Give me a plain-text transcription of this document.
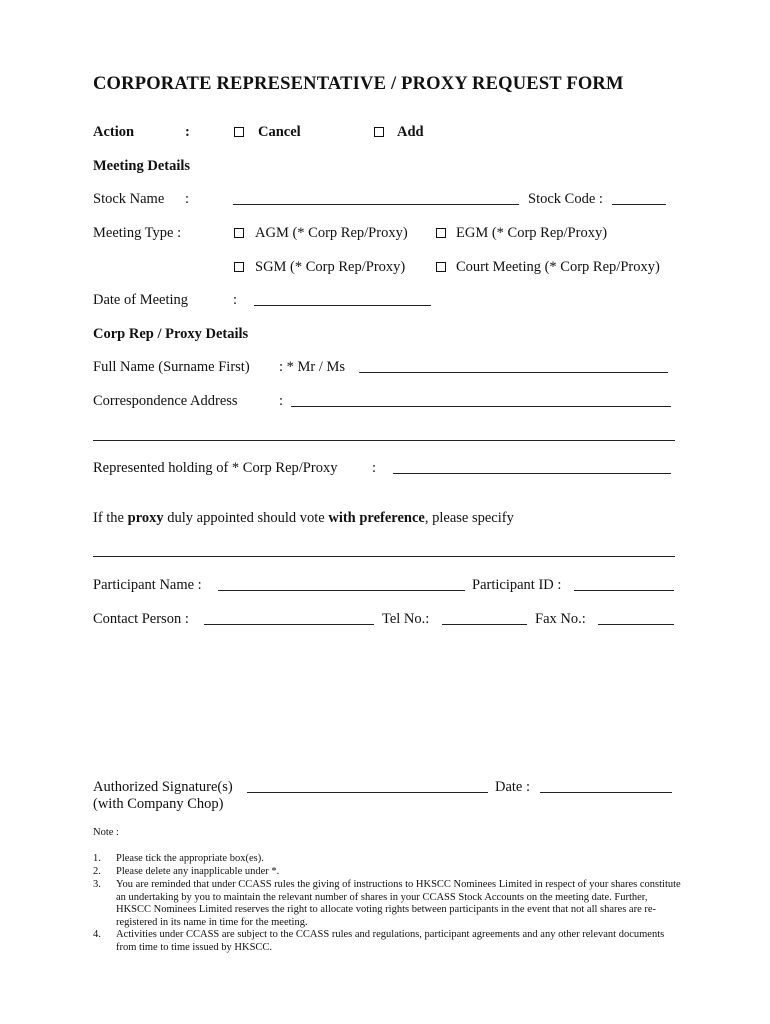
CORPORATE REPRESENTATIVE / PROXY REQUEST FORM
Action	:	Cancel	Add
Meeting Details
Stock Name :	Stock Code :
Meeting Type :	AGM (* Corp Rep/Proxy)	EGM (* Corp Rep/Proxy)
SGM (* Corp Rep/Proxy)	Court Meeting (* Corp Rep/Proxy)
Date of Meeting	:
Corp Rep / Proxy Details
Full Name (Surname First) : * Mr / Ms
Correspondence Address	:
Represented holding of * Corp Rep/Proxy :
If the proxy duly appointed should vote with preference, please specify
Participant Name :	Participant ID :
Contact Person :	Tel No.:	Fax No.:
Authorized Signature(s)	Date :
(with Company Chop)
Note :
1. Please tick the appropriate box(es).
2. Please delete any inapplicable under *.
3. You are reminded that under CCASS rules the giving of instructions to HKSCC Nominees Limited in respect of your shares constitute an undertaking by you to maintain the relevant number of shares in your CCASS Stock Accounts on the meeting date. Further, HKSCC Nominees Limited reserves the right to allocate voting rights between participants in the event that not all shares are re-registered in its name in time for the meeting.
4. Activities under CCASS are subject to the CCASS rules and regulations, participant agreements and any other relevant documents from time to time issued by HKSCC.
